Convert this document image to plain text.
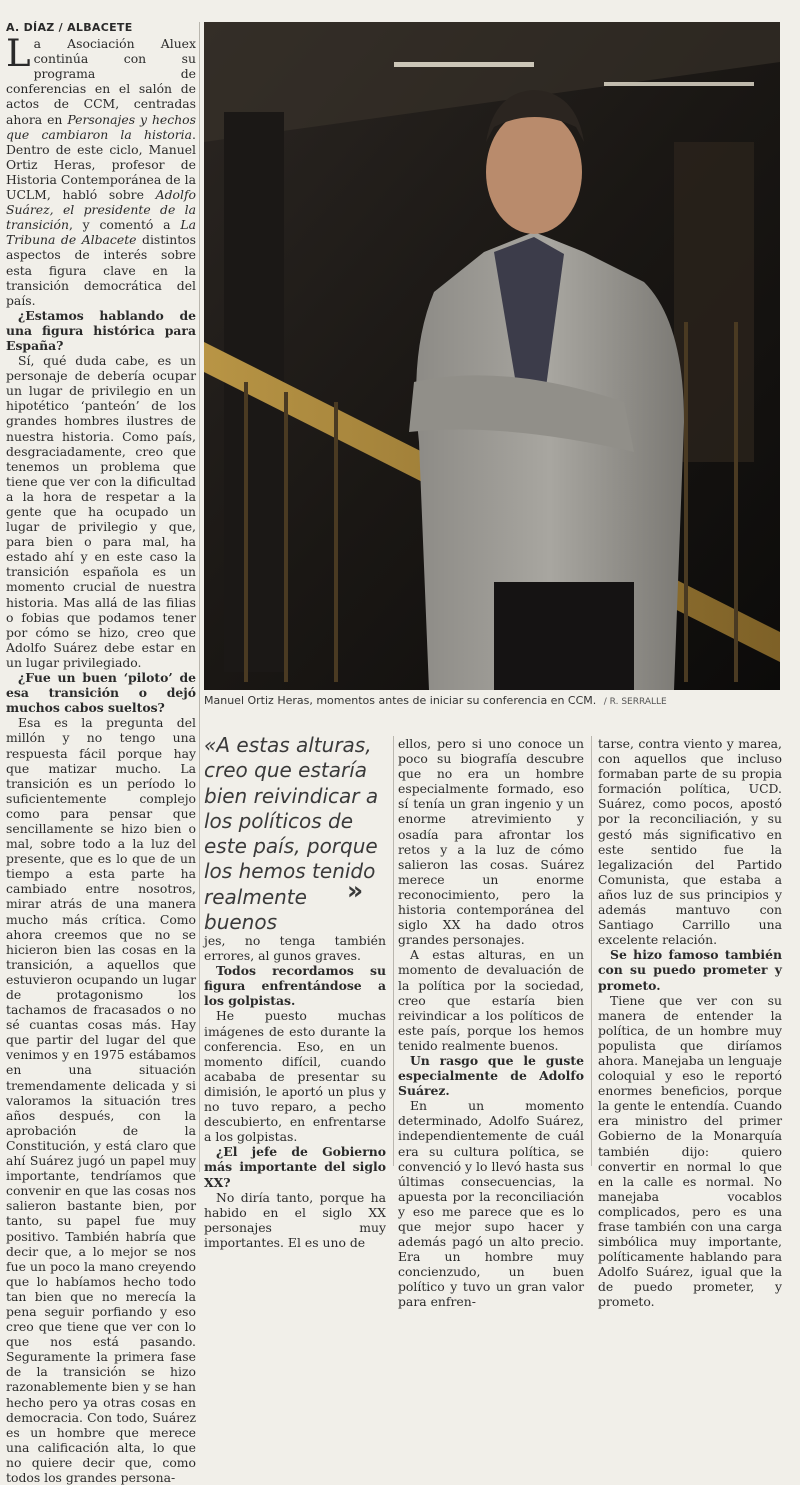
A. DÍAZ / ALBACETE

La Asociación Aluex continúa con su programa de conferencias en el salón de actos de CCM, centradas ahora en Personajes y hechos que cambiaron la historia. Dentro de este ciclo, Manuel Ortiz Heras, profesor de Historia Contemporánea de la UCLM, habló sobre Adolfo Suárez, el presidente de la transición, y comentó a La Tribuna de Albacete distintos aspectos de interés sobre esta figura clave en la transición democrática del país.

¿Estamos hablando de una figura histórica para España?

Sí, qué duda cabe, es un personaje de debería ocupar un lugar de privilegio en un hipotético ‘panteón’ de los grandes hombres ilustres de nuestra historia. Como país, desgraciadamente, creo que tenemos un problema que tiene que ver con la dificultad a la hora de respetar a la gente que ha ocupado un lugar de privilegio y que, para bien o para mal, ha estado ahí y en este caso la transición española es un momento crucial de nuestra historia. Mas allá de las filias o fobias que podamos tener por cómo se hizo, creo que Adolfo Suárez debe estar en un lugar privilegiado.

¿Fue un buen ‘piloto’ de esa transición o dejó muchos cabos sueltos?

Esa es la pregunta del millón y no tengo una respuesta fácil porque hay que matizar mucho. La transición es un período lo suficientemente complejo como para pensar que sencillamente se hizo bien o mal, sobre todo a la luz del presente, que es lo que de un tiempo a esta parte ha cambiado entre nosotros, mirar atrás de una manera mucho más crítica. Como ahora creemos que no se hicieron bien las cosas en la transición, a aquellos que estuvieron ocupando un lugar de protagonismo los tachamos de fracasados o no sé cuantas cosas más. Hay que partir del lugar del que venimos y en 1975 estábamos en una situación tremendamente delicada y si valoramos la situación tres años después, con la aprobación de la Constitución, y está claro que ahí Suárez jugó un papel muy importante, tendríamos que convenir en que las cosas nos salieron bastante bien, por tanto, su papel fue muy positivo. También habría que decir que, a lo mejor se nos fue un poco la mano creyendo que lo habíamos hecho todo tan bien que no merecía la pena seguir porfiando y eso creo que tiene que ver con lo que nos está pasando. Seguramente la primera fase de la transición se hizo razonablemente bien y se han hecho pero ya otras cosas en democracia. Con todo, Suárez es un hombre que merece una calificación alta, lo que no quiere decir que, como todos los grandes persona-

Manuel Ortiz Heras, momentos antes de iniciar su conferencia en CCM. / R. SERRALLE
«A estas alturas, creo que estaría bien reivindicar a los políticos de este país, porque los hemos tenido realmente buenos
»

jes, no tenga también errores, al gunos graves.

Todos recordamos su figura enfrentándose a los golpistas.

He puesto muchas imágenes de esto durante la conferencia. Eso, en un momento difícil, cuando acababa de presentar su dimisión, le aportó un plus y no tuvo reparo, a pecho descubierto, en enfrentarse a los golpistas.

¿El jefe de Gobierno más importante del siglo XX?

No diría tanto, porque ha habido en el siglo XX personajes muy importantes. El es uno de

ellos, pero si uno conoce un poco su biografía descubre que no era un hombre especialmente formado, eso sí tenía un gran ingenio y un enorme atrevimiento y osadía para afrontar los retos y a la luz de cómo salieron las cosas. Suárez merece un enorme reconocimiento, pero la historia contemporánea del siglo XX ha dado otros grandes personajes.

A estas alturas, en un momento de devaluación de la política por la sociedad, creo que estaría bien reivindicar a los políticos de este país, porque los hemos tenido realmente buenos.

Un rasgo que le guste especialmente de Adolfo Suárez.

En un momento determinado, Adolfo Suárez, independientemente de cuál era su cultura política, se convenció y lo llevó hasta sus últimas consecuencias, la apuesta por la reconciliación y eso me parece que es lo que mejor supo hacer y además pagó un alto precio. Era un hombre muy concienzudo, un buen político y tuvo un gran valor para enfren-

tarse, contra viento y marea, con aquellos que incluso formaban parte de su propia formación política, UCD. Suárez, como pocos, apostó por la reconciliación, y su gestó más significativo en este sentido fue la legalización del Partido Comunista, que estaba a años luz de sus principios y además mantuvo con Santiago Carrillo una excelente relación.

Se hizo famoso también con su puedo prometer y prometo.

Tiene que ver con su manera de entender la política, de un hombre muy populista que diríamos ahora. Manejaba un lenguaje coloquial y eso le reportó enormes beneficios, porque la gente le entendía. Cuando era ministro del primer Gobierno de la Monarquía también dijo: quiero convertir en normal lo que en la calle es normal. No manejaba vocablos complicados, pero es una frase también con una carga simbólica muy importante, políticamente hablando para Adolfo Suárez, igual que la de puedo prometer, y prometo.
